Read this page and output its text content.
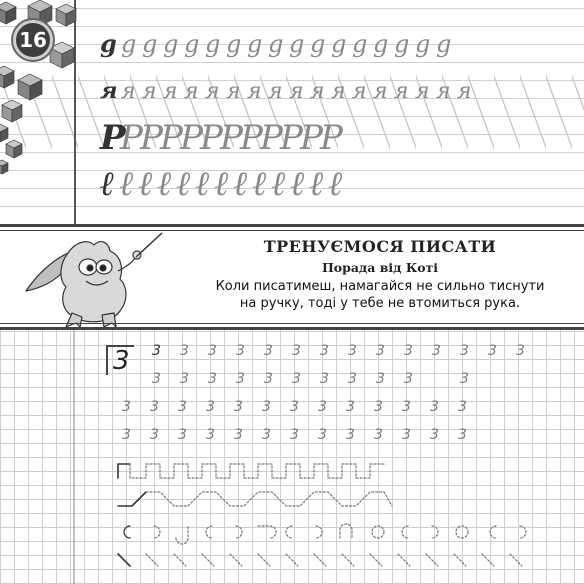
16 g g g g g g g g g g g g g g g g g
я я я я я я я я я я я я я я я я я я
P
P
P
P
P
P
P
P
P
P
P
P
ℓ ℓ ℓ ℓ ℓ ℓ ℓ ℓ ℓ ℓ ℓ ℓ ℓ
ТРЕНУЄМОСЯ ПИСАТИ
Порада від Коті
Коли писатимеш, намагайся не сильно тиснути на ручку, тоді у тебе не втомиться рука.
3	3 3 3 3 3 3 3 3 3 3 3 3 3 3
3 3 3 3 3 3 3 3 3 3	3
3 3 3 3 3 3 3 3 3 3 3 3 3
3 3 3 3 3 3 3 3 3 3 3 3 3
